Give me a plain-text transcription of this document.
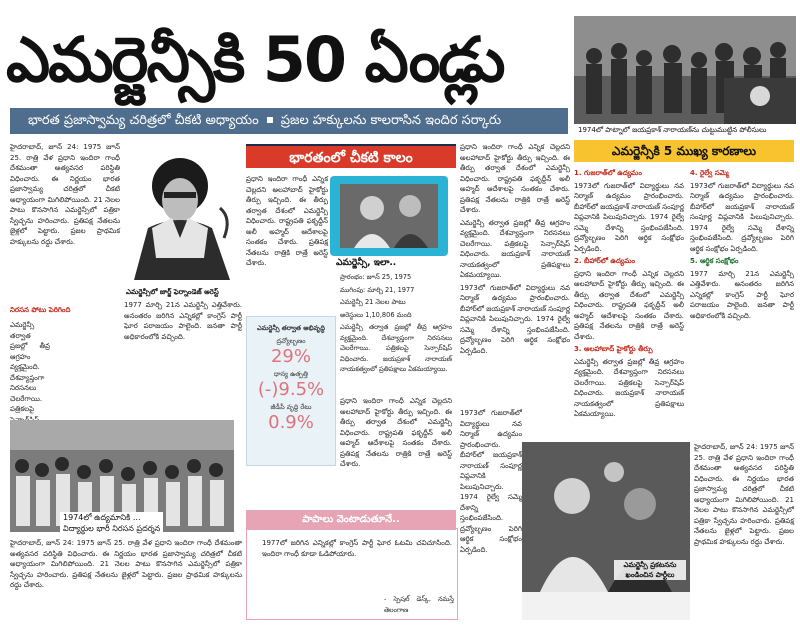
ఎమర్జెన్సీకి 50 ఏండ్లు
భారత ప్రజాస్వామ్య చరిత్రలో చీకటి అధ్యాయం ప్రజల హక్కులను కాలరాసిన ఇందిర సర్కారు
1974లో పాట్నాలో జయప్రకాశ్ నారాయణ్‌ను చుట్టుముట్టిన పోలీసులు

హైదరాబాద్, జూన్ 24: 1975 జూన్ 25. రాత్రి వేళ ప్రధాని ఇందిరా గాంధీ దేశమంతా అత్యవసర పరిస్థితి విధించారు. ఈ నిర్ణయం భారత ప్రజాస్వామ్య చరిత్రలో చీకటి అధ్యాయంగా మిగిలిపోయింది. 21 నెలల పాటు కొనసాగిన ఎమర్జెన్సీలో పత్రికా స్వేచ్ఛను హరించారు. ప్రతిపక్ష నేతలను జైళ్లలో పెట్టారు. ప్రజల ప్రాథమిక హక్కులను రద్దు చేశారు.

ఎమర్జెన్సీలో జార్జ్ ఫెర్నాండెజ్ అరెస్ట్

1977 మార్చి 21న ఎమర్జెన్సీ ఎత్తివేశారు. అనంతరం జరిగిన ఎన్నికల్లో కాంగ్రెస్ పార్టీ ఘోర పరాజయం పాలైంది. జనతా పార్టీ అధికారంలోకి వచ్చింది.

నిరసన పోటు పెరిగింది

ఎమర్జెన్సీ తర్వాత ప్రజల్లో తీవ్ర ఆగ్రహం వ్యక్తమైంది. దేశవ్యాప్తంగా నిరసనలు చెలరేగాయి. పత్రికలపై

1974లో ఉద్యమానికి ...
విద్యార్థుల భారీ నిరసన ప్రదర్శన

హైదరాబాద్, జూన్ 24: 1975 జూన్ 25. రాత్రి వేళ ప్రధాని ఇందిరా గాంధీ దేశమంతా అత్యవసర పరిస్థితి విధించారు. ఈ నిర్ణయం భారత ప్రజాస్వామ్య చరిత్రలో చీకటి అధ్యాయంగా మిగిలిపోయింది. 21 నెలల పాటు కొనసాగిన ఎమర్జెన్సీలో పత్రికా స్వేచ్ఛను హరించారు. ప్రతిపక్ష నేతలను జైళ్లలో పెట్టారు. ప్రజల ప్రాథమిక హక్కులను రద్దు చేశారు.

భారతంలో చీకటి కాలం

ప్రధాని ఇందిరా గాంధీ ఎన్నిక చెల్లదని అలహాబాద్ హైకోర్టు తీర్పు ఇచ్చింది. ఈ తీర్పు తర్వాత దేశంలో ఎమర్జెన్సీ విధించారు. రాష్ట్రపతి ఫకృద్దీన్ అలీ అహ్మద్ ఆదేశాలపై సంతకం చేశారు. ప్రతిపక్ష నేతలను రాత్రికి రాత్రే అరెస్ట్ చేశారు.	ఎమర్జెన్సీ, ఇలా..

ప్రారంభం: జూన్ 25, 1975

ముగింపు: మార్చి 21, 1977

ఎమర్జెన్సీ 21 నెలల పాటు

అరెస్టులు 1,10,806 మంది

ఎమర్జెన్సీ తర్వాత ప్రజల్లో తీవ్ర ఆగ్రహం వ్యక్తమైంది. దేశవ్యాప్తంగా నిరసనలు చెలరేగాయి. పత్రికలపై సెన్సార్‌షిప్ విధించారు. జయప్రకాశ్ నారాయణ్ నాయకత్వంలో ప్రతిపక్షాలు ఏకమయ్యాయి.

ఎమర్జెన్సీ తర్వాత అభివృద్ధి
ద్రవ్యోల్బణం
29%
ధాన్య ఉత్పత్తి
(-)9.5%
జీడీపీ వృద్ధి రేటు
0.9%

ప్రధాని ఇందిరా గాంధీ ఎన్నిక చెల్లదని అలహాబాద్ హైకోర్టు తీర్పు ఇచ్చింది. ఈ తీర్పు తర్వాత దేశంలో ఎమర్జెన్సీ విధించారు. రాష్ట్రపతి ఫకృద్దీన్ అలీ అహ్మద్ ఆదేశాలపై సంతకం చేశారు. ప్రతిపక్ష నేతలను రాత్రికి రాత్రే అరెస్ట్ చేశారు.

పాపాలు వెంటాడుతూనే..

1977లో జరిగిన ఎన్నికల్లో కాంగ్రెస్ పార్టీ ఘోర ఓటమి చవిచూసింది. ఇందిరా గాంధీ కూడా ఓడిపోయారు.

- స్పెషల్ డెస్క్, నమస్తే తెలంగాణ

ప్రధాని ఇందిరా గాంధీ ఎన్నిక చెల్లదని అలహాబాద్ హైకోర్టు తీర్పు ఇచ్చింది. ఈ తీర్పు తర్వాత దేశంలో ఎమర్జెన్సీ విధించారు. రాష్ట్రపతి ఫకృద్దీన్ అలీ అహ్మద్ ఆదేశాలపై సంతకం చేశారు. ప్రతిపక్ష నేతలను రాత్రికి రాత్రే అరెస్ట్ చేశారు.

ఎమర్జెన్సీ తర్వాత ప్రజల్లో తీవ్ర ఆగ్రహం వ్యక్తమైంది. దేశవ్యాప్తంగా నిరసనలు చెలరేగాయి. పత్రికలపై సెన్సార్‌షిప్ విధించారు. జయప్రకాశ్ నారాయణ్ నాయకత్వంలో ప్రతిపక్షాలు ఏకమయ్యాయి.

1973లో గుజరాత్‌లో విద్యార్థులు నవ నిర్మాణ్ ఉద్యమం ప్రారంభించారు. బీహార్‌లో జయప్రకాశ్ నారాయణ్ సంపూర్ణ విప్లవానికి పిలుపునిచ్చారు. 1974 రైల్వే సమ్మె దేశాన్ని స్తంభింపజేసింది. ద్రవ్యోల్బణం పెరిగి ఆర్థిక సంక్షోభం ఏర్పడింది.

1973లో గుజరాత్‌లో విద్యార్థులు నవ నిర్మాణ్ ఉద్యమం ప్రారంభించారు. బీహార్‌లో జయప్రకాశ్ నారాయణ్ సంపూర్ణ విప్లవానికి పిలుపునిచ్చారు. 1974 రైల్వే సమ్మె దేశాన్ని స్తంభింపజేసింది. ద్రవ్యోల్బణం పెరిగి ఆర్థిక సంక్షోభం ఏర్పడింది.

ఎమర్జెన్సీకి 5 ముఖ్య కారణాలు

1. గుజరాత్‌లో ఉద్యమం

1973లో గుజరాత్‌లో విద్యార్థులు నవ నిర్మాణ్ ఉద్యమం ప్రారంభించారు. బీహార్‌లో జయప్రకాశ్ నారాయణ్ సంపూర్ణ విప్లవానికి పిలుపునిచ్చారు. 1974 రైల్వే సమ్మె దేశాన్ని స్తంభింపజేసింది. ద్రవ్యోల్బణం పెరిగి ఆర్థిక సంక్షోభం ఏర్పడింది.

2. బీహార్‌లో ఉద్యమం

ప్రధాని ఇందిరా గాంధీ ఎన్నిక చెల్లదని అలహాబాద్ హైకోర్టు తీర్పు ఇచ్చింది. ఈ తీర్పు తర్వాత దేశంలో ఎమర్జెన్సీ విధించారు. రాష్ట్రపతి ఫకృద్దీన్ అలీ అహ్మద్ ఆదేశాలపై సంతకం చేశారు. ప్రతిపక్ష నేతలను రాత్రికి రాత్రే అరెస్ట్ చేశారు.

3. అలహాబాద్ హైకోర్టు తీర్పు

ఎమర్జెన్సీ తర్వాత ప్రజల్లో తీవ్ర ఆగ్రహం వ్యక్తమైంది. దేశవ్యాప్తంగా నిరసనలు చెలరేగాయి. పత్రికలపై సెన్సార్‌షిప్ విధించారు. జయప్రకాశ్ నారాయణ్ నాయకత్వంలో ప్రతిపక్షాలు ఏకమయ్యాయి.

4. రైల్వే సమ్మె

1973లో గుజరాత్‌లో విద్యార్థులు నవ నిర్మాణ్ ఉద్యమం ప్రారంభించారు. బీహార్‌లో జయప్రకాశ్ నారాయణ్ సంపూర్ణ విప్లవానికి పిలుపునిచ్చారు. 1974 రైల్వే సమ్మె దేశాన్ని స్తంభింపజేసింది. ద్రవ్యోల్బణం పెరిగి ఆర్థిక సంక్షోభం ఏర్పడింది.

5. ఆర్థిక సంక్షోభం

1977 మార్చి 21న ఎమర్జెన్సీ ఎత్తివేశారు. అనంతరం జరిగిన ఎన్నికల్లో కాంగ్రెస్ పార్టీ ఘోర పరాజయం పాలైంది. జనతా పార్టీ అధికారంలోకి వచ్చింది.

ఎమర్జెన్సీ ప్రకటనను ఖండించిన పార్టీలు

హైదరాబాద్, జూన్ 24: 1975 జూన్ 25. రాత్రి వేళ ప్రధాని ఇందిరా గాంధీ దేశమంతా అత్యవసర పరిస్థితి విధించారు. ఈ నిర్ణయం భారత ప్రజాస్వామ్య చరిత్రలో చీకటి అధ్యాయంగా మిగిలిపోయింది. 21 నెలల పాటు కొనసాగిన ఎమర్జెన్సీలో పత్రికా స్వేచ్ఛను హరించారు. ప్రతిపక్ష నేతలను జైళ్లలో పెట్టారు. ప్రజల ప్రాథమిక హక్కులను రద్దు చేశారు.
